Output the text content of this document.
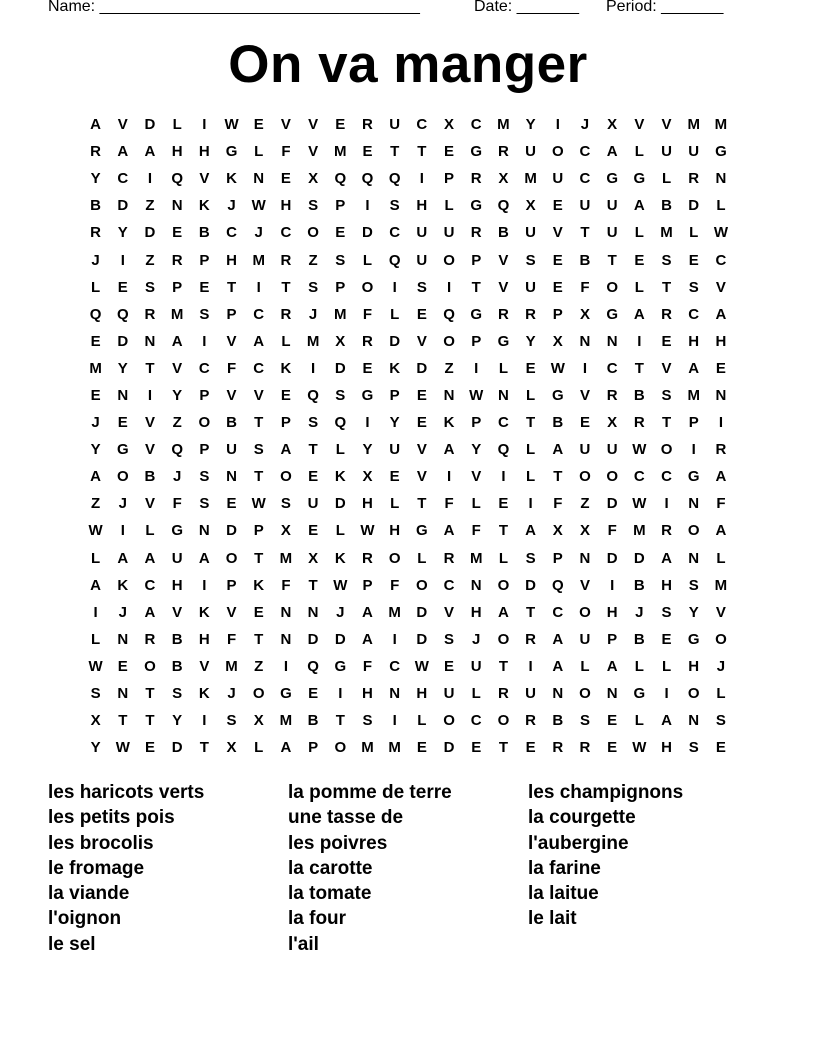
Name: ____________________________________	Date: _______ Period: _______
On va manger
A	V	D	L	I	W	E	V	V	E	R	U	C	X	C	M	Y	I	J	X	V	V	M M
R	A	A	H	H	G	L	F	V	M	E	T	T	E	G	R	U	O	C	A	L	U	U	G
Y	C	I	Q	V	K	N	E	X	Q	Q	Q	I	P	R	X	M	U	C	G	G	L	R	N
B	D	Z	N	K	J	W H	S	P	I	S	H	L	G	Q	X	E	U	U	A	B	D	L
R	Y	D	E	B	C	J	C	O	E	D	C	U	U	R	B	U	V	T	U	L	M	L	W
J	I	Z	R	P	H	M	R	Z	S	L	Q	U	O	P	V	S	E	B	T	E	S	E	C
L	E	S	P	E	T	I	T	S	P	O	I	S	I	T	V	U	E	F	O	L	T	S	V
Q	Q	R	M	S	P	C	R	J	M	F	L	E	Q	G	R	R	P	X	G	A	R	C	A
E	D	N	A	I	V	A	L	M	X	R	D	V	O	P	G	Y	X	N	N	I	E	H	H
M	Y	T	V	C	F	C	K	I	D	E	K	D	Z	I	L	E	W	I	C	T	V	A	E
E	N	I	Y	P	V	V	E	Q	S	G	P	E	N W N	L	G	V	R	B	S	M	N
J	E	V	Z	O	B	T	P	S	Q	I	Y	E	K	P	C	T	B	E	X	R	T	P	I
Y	G	V	Q	P	U	S	A	T	L	Y	U	V	A	Y	Q	L	A	U	U W O	I	R
A	O	B	J	S	N	T	O	E	K	X	E	V	I	V	I	L	T	O	O	C	C	G	A
Z	J	V	F	S	E	W	S	U	D	H	L	T	F	L	E	I	F	Z	D W	I	N	F
W	I	L	G	N	D	P	X	E	L	W H	G	A	F	T	A	X	X	F	M	R	O	A
L	A	A	U	A	O	T	M	X	K	R	O	L	R	M	L	S	P	N	D	D	A	N	L
A	K	C	H	I	P	K	F	T	W	P	F	O	C	N	O	D	Q	V	I	B	H	S	M
I	J	A	V	K	V	E	N	N	J	A	M	D	V	H	A	T	C	O	H	J	S	Y	V
L	N	R	B	H	F	T	N	D	D	A	I	D	S	J	O	R	A	U	P	B	E	G	O
W	E	O	B	V	M	Z	I	Q	G	F	C W	E	U	T	I	A	L	A	L	L	H	J
S	N	T	S	K	J	O	G	E	I	H	N	H	U	L	R	U	N	O	N	G	I	O	L
X	T	T	Y	I	S	X	M	B	T	S	I	L	O	C	O	R	B	S	E	L	A	N	S
Y	W	E	D	T	X	L	A	P	O	M M	E	D	E	T	E	R	R	E	W H	S	E
les haricots verts
les petits pois
les brocolis
le fromage
la viande
l'oignon
le sel
la pomme de terre
une tasse de
les poivres
la carotte
la tomate
la four
l'ail
les champignons
la courgette
l'aubergine
la farine
la laitue
le lait
